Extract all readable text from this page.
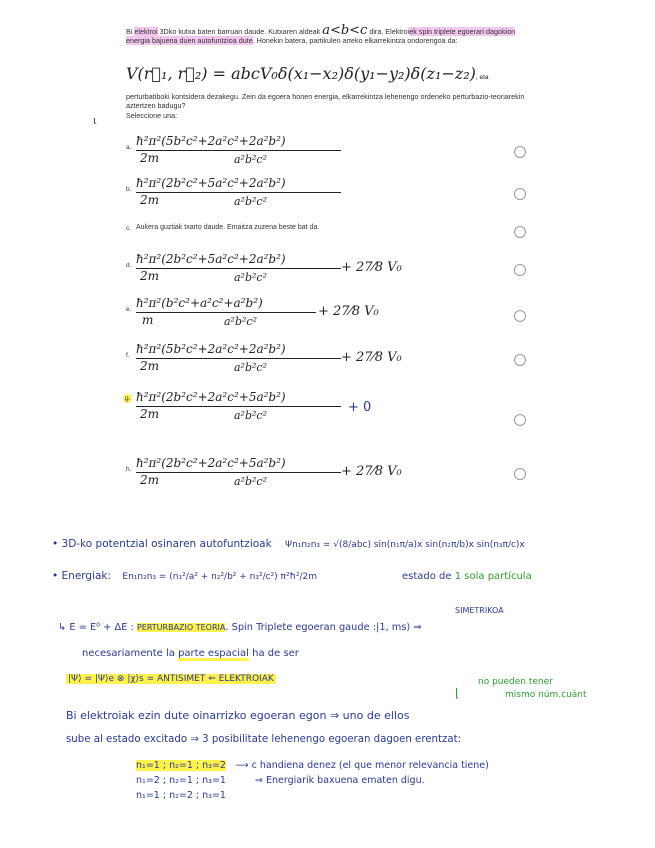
Bi elektroi 3Dko kutxa baten barruan daude. Kutxaren aldeak a<b<c dira. Elektroiek spin triplete egoerari dagokion energia bajuena duen autofuntzioa dute. Honekin batera, partikulen arteko elkarrekintza ondorengoa da:
V(r⃗₁, r⃗₂) = abcV₀δ(x₁−x₂)δ(y₁−y₂)δ(z₁−z₂), eta
perturbatiboki kontsidera dezakegu. Zein da egoera honen energia, elkarrekintza lehenengo ordeneko perturbazio-teoriarekin aztertzen badugu?
Seleccione una:
ι
a. ħ²π²(5b²c²+2a²c²+2a²b²)
2m	a²b²c²
b. ħ²π²(2b²c²+5a²c²+2a²b²)
2m	a²b²c²
c. Aukera guztiak txarto daude. Emaitza zuzena beste bat da.
d. ħ²π²(2b²c²+5a²c²+2a²b²)
2m	a²b²c²
+ 27⁄8 V₀
e. ħ²π²(b²c²+a²c²+a²b²)
m	a²b²c²
+ 27⁄8 V₀
f. ħ²π²(5b²c²+2a²c²+2a²b²)
2m	a²b²c²
+ 27⁄8 V₀
g. ħ²π²(2b²c²+2a²c²+5a²b²)
2m	a²b²c²
+ 0
h. ħ²π²(2b²c²+2a²c²+5a²b²)
2m	a²b²c²
+ 27⁄8 V₀
• 3D-ko potentzial osinaren autofuntzioak Ψn₁n₂n₃ = √(8/abc) sin(n₁π/a)x sin(n₂π/b)x sin(n₃π/c)x
• Energiak: En₁n₂n₃ = (n₁²/a² + n₂²/b² + n₃²/c²) π²ħ²/2m	estado de 1 sola partícula
SIMETRIKOA
↳ E = E⁰ + ΔE : PERTURBAZIO TEORIA. Spin Triplete egoeran gaude :|1, ms⟩ ⇒
necesariamente la parte espacial ha de ser
|Ψ⟩ = |Ψ⟩e ⊗ |χ⟩s = ANTISIMET ⇐ ELEKTROIAK	no pueden tener
mismo núm.cuánt
⌊
Bi elektroiak ezin dute oinarrizko egoeran egon ⇒ uno de ellos
sube al estado excitado ⇒ 3 posibilitate lehenengo egoeran dagoen erentzat:
n₁=1 ; n₂=1 ; n₃=2 ⟶ c handiena denez (el que menor relevancia tiene)
n₁=2 ; n₂=1 ; n₃=1	⇒ Energiarik baxuena ematen digu.
n₁=1 ; n₂=2 ; n₃=1
